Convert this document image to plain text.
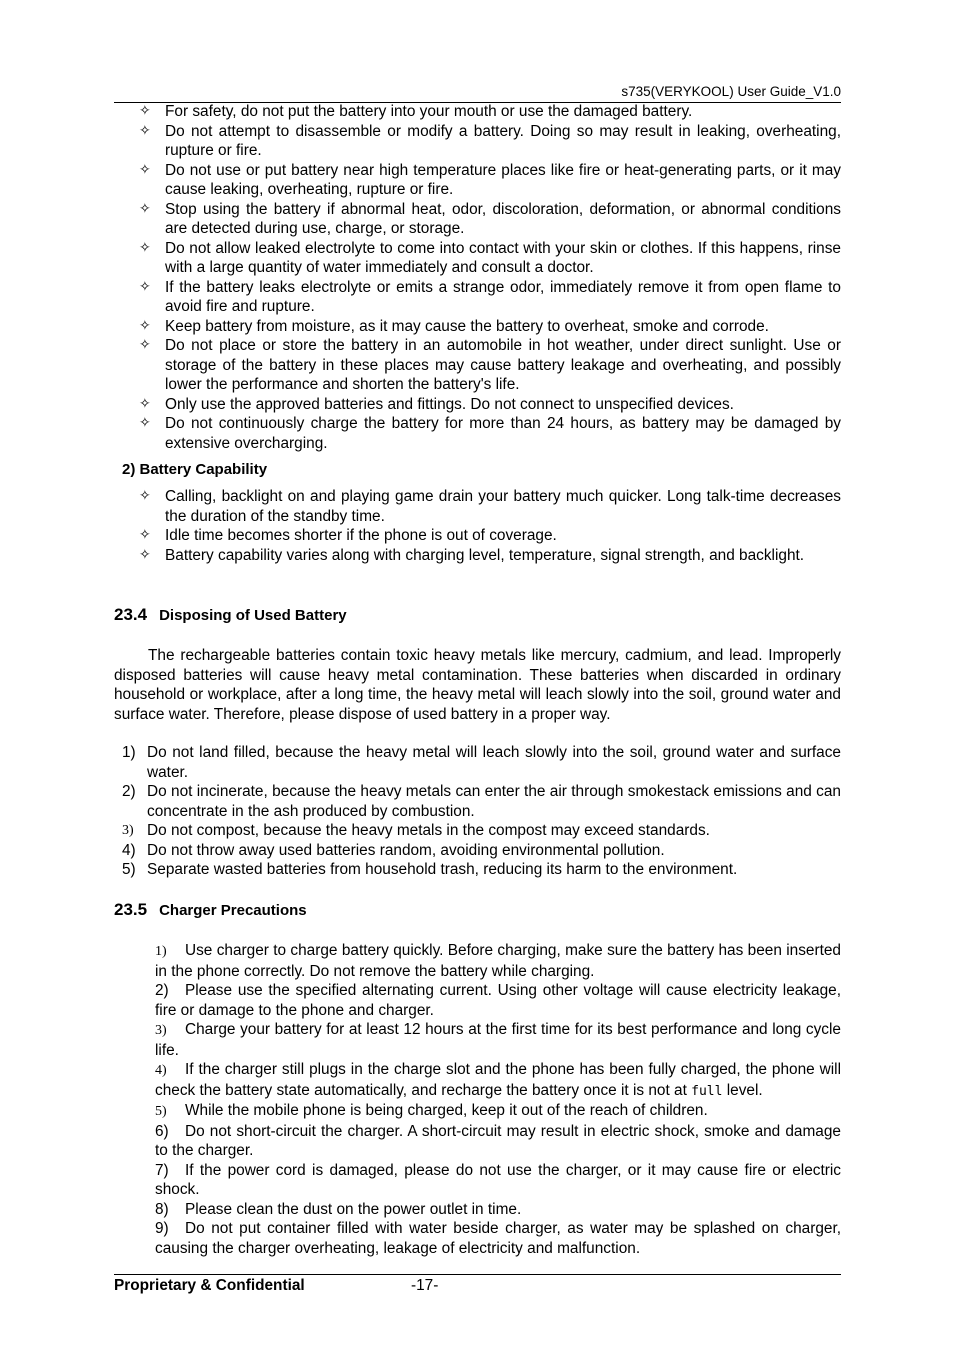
s735(VERYKOOL) User Guide_V1.0
✧ For safety, do not put the battery into your mouth or use the damaged battery.
✧ Do not attempt to disassemble or modify a battery. Doing so may result in leaking, overheating, rupture or fire.
✧ Do not use or put battery near high temperature places like fire or heat-generating parts, or it may cause leaking, overheating, rupture or fire.
✧ Stop using the battery if abnormal heat, odor, discoloration, deformation, or abnormal conditions are detected during use, charge, or storage.
✧ Do not allow leaked electrolyte to come into contact with your skin or clothes. If this happens, rinse with a large quantity of water immediately and consult a doctor.
✧ If the battery leaks electrolyte or emits a strange odor, immediately remove it from open flame to avoid fire and rupture.
✧ Keep battery from moisture, as it may cause the battery to overheat, smoke and corrode.
✧ Do not place or store the battery in an automobile in hot weather, under direct sunlight. Use or storage of the battery in these places may cause battery leakage and overheating, and possibly lower the performance and shorten the battery's life.
✧ Only use the approved batteries and fittings. Do not connect to unspecified devices.
✧ Do not continuously charge the battery for more than 24 hours, as battery may be damaged by extensive overcharging.
2) Battery Capability
✧ Calling, backlight on and playing game drain your battery much quicker. Long talk-time decreases the duration of the standby time.
✧ Idle time becomes shorter if the phone is out of coverage.
✧ Battery capability varies along with charging level, temperature, signal strength, and backlight.
23.4 Disposing of Used Battery

The rechargeable batteries contain toxic heavy metals like mercury, cadmium, and lead. Improperly disposed batteries will cause heavy metal contamination. These batteries when discarded in ordinary household or workplace, after a long time, the heavy metal will leach slowly into the soil, ground water and surface water. Therefore, please dispose of used battery in a proper way.

1) Do not land filled, because the heavy metal will leach slowly into the soil, ground water and surface water.
2) Do not incinerate, because the heavy metals can enter the air through smokestack emissions and can concentrate in the ash produced by combustion.
3) Do not compost, because the heavy metals in the compost may exceed standards.
4) Do not throw away used batteries random, avoiding environmental pollution.
5) Separate wasted batteries from household trash, reducing its harm to the environment.
23.5 Charger Precautions
1) Use charger to charge battery quickly. Before charging, make sure the battery has been inserted in the phone correctly. Do not remove the battery while charging.
2) Please use the specified alternating current. Using other voltage will cause electricity leakage, fire or damage to the phone and charger.
3) Charge your battery for at least 12 hours at the first time for its best performance and long cycle life.
4) If the charger still plugs in the charge slot and the phone has been fully charged, the phone will check the battery state automatically, and recharge the battery once it is not at full level.
5) While the mobile phone is being charged, keep it out of the reach of children.
6) Do not short-circuit the charger. A short-circuit may result in electric shock, smoke and damage to the charger.
7) If the power cord is damaged, please do not use the charger, or it may cause fire or electric shock.
8) Please clean the dust on the power outlet in time.
9) Do not put container filled with water beside charger, as water may be splashed on charger, causing the charger overheating, leakage of electricity and malfunction.
Proprietary & Confidential	-17-
